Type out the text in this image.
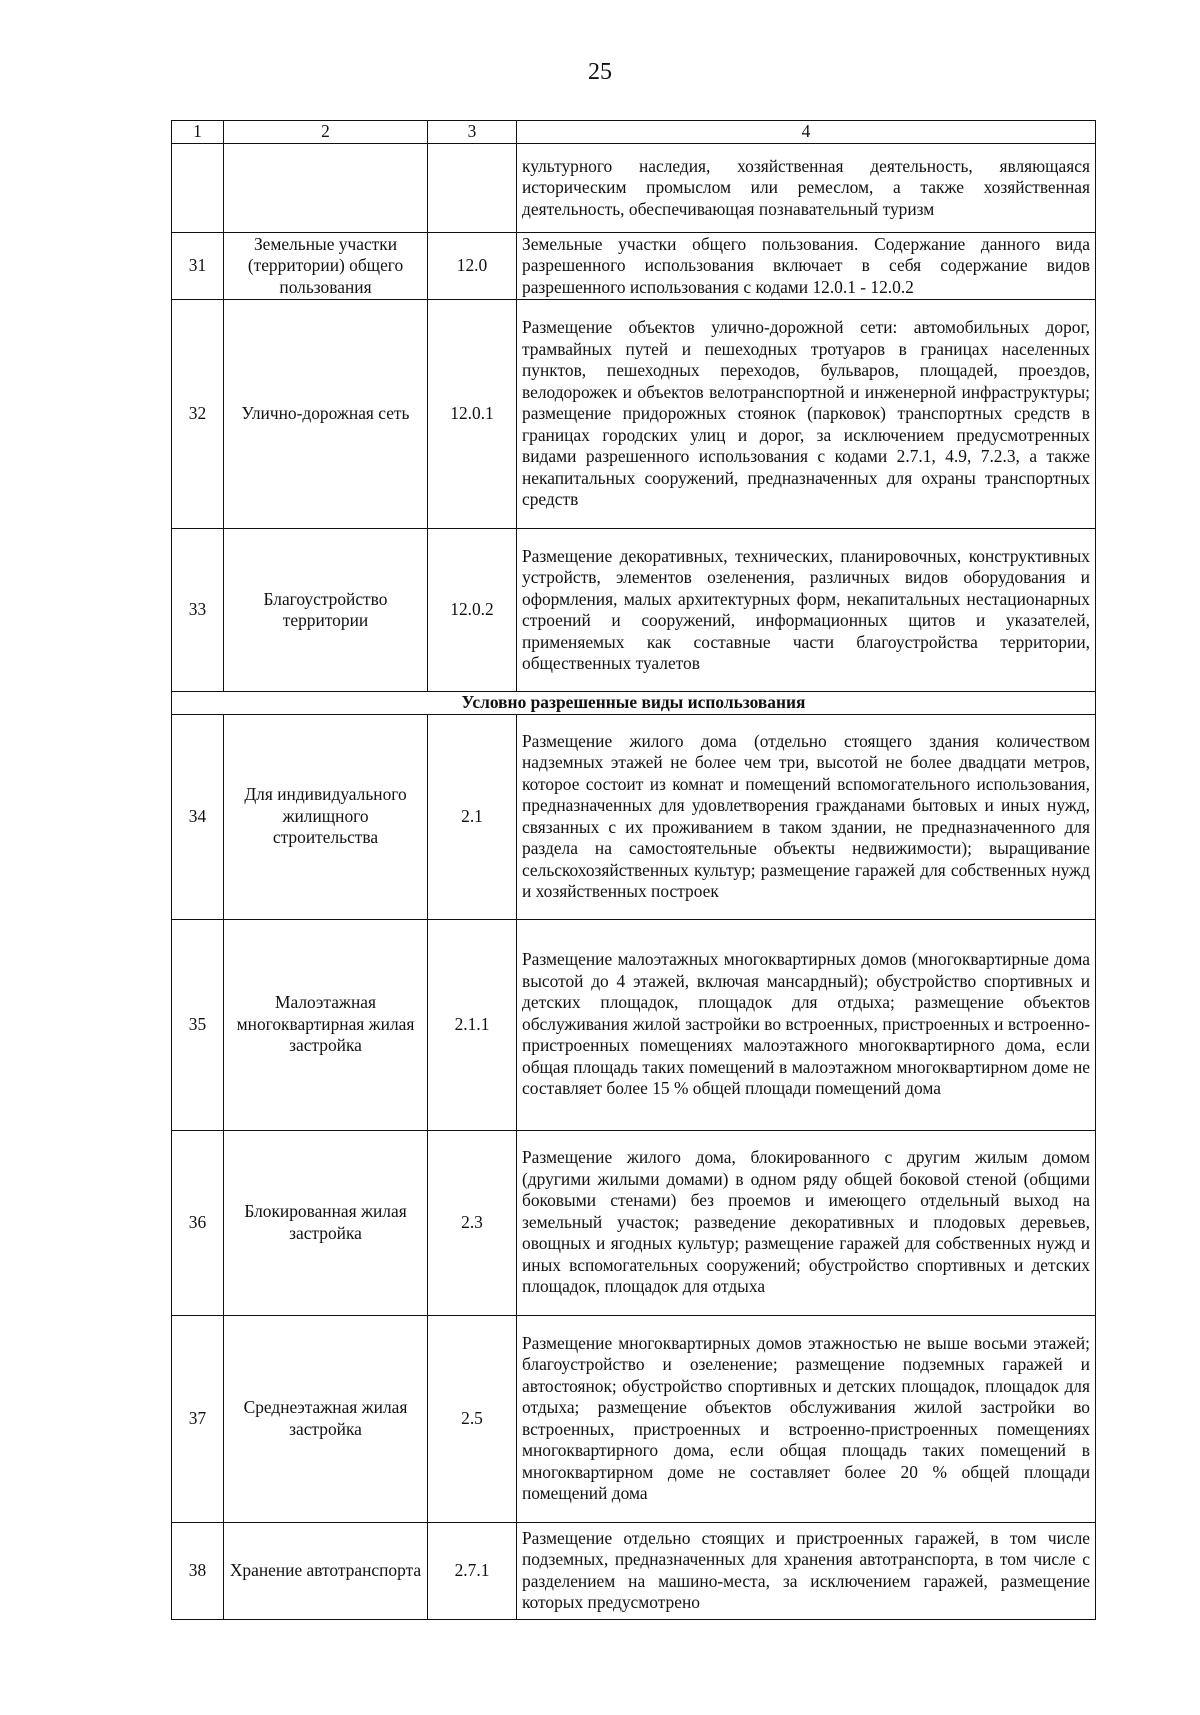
25
1	2	3	4
			культурного наследия, хозяйственная деятельность, являющаяся историческим промыслом или ремеслом, а также хозяйственная деятельность, обеспечивающая познавательный туризм
31	Земельные участки (территории) общего пользования	12.0	Земельные участки общего пользования. Содержание данного вида разрешенного использования включает в себя содержание видов разрешенного использования с кодами 12.0.1 - 12.0.2
32	Улично-дорожная сеть	12.0.1	Размещение объектов улично-дорожной сети: автомобильных дорог, трамвайных путей и пешеходных тротуаров в границах населенных пунктов, пешеходных переходов, бульваров, площадей, проездов, велодорожек и объектов велотранспортной и инженерной инфраструктуры; размещение придорожных стоянок (парковок) транспортных средств в границах городских улиц и дорог, за исключением предусмотренных видами разрешенного использования с кодами 2.7.1, 4.9, 7.2.3, а также некапитальных сооружений, предназначенных для охраны транспортных средств
33	Благоустройство территории	12.0.2	Размещение декоративных, технических, планировочных, конструктивных устройств, элементов озеленения, различных видов оборудования и оформления, малых архитектурных форм, некапитальных нестационарных строений и сооружений, информационных щитов и указателей, применяемых как составные части благоустройства территории, общественных туалетов
Условно разрешенные виды использования			
34	Для индивидуального жилищного строительства	2.1	Размещение жилого дома (отдельно стоящего здания количеством надземных этажей не более чем три, высотой не более двадцати метров, которое состоит из комнат и помещений вспомогательного использования, предназначенных для удовлетворения гражданами бытовых и иных нужд, связанных с их проживанием в таком здании, не предназначенного для раздела на самостоятельные объекты недвижимости); выращивание сельскохозяйственных культур; размещение гаражей для собственных нужд и хозяйственных построек
35	Малоэтажная многоквартирная жилая застройка	2.1.1	Размещение малоэтажных многоквартирных домов (многоквартирные дома высотой до 4 этажей, включая мансардный); обустройство спортивных и детских площадок, площадок для отдыха; размещение объектов обслуживания жилой застройки во встроенных, пристроенных и встроенно-пристроенных помещениях малоэтажного многоквартирного дома, если общая площадь таких помещений в малоэтажном многоквартирном доме не составляет более 15 % общей площади помещений дома
36	Блокированная жилая застройка	2.3	Размещение жилого дома, блокированного с другим жилым домом (другими жилыми домами) в одном ряду общей боковой стеной (общими боковыми стенами) без проемов и имеющего отдельный выход на земельный участок; разведение декоративных и плодовых деревьев, овощных и ягодных культур; размещение гаражей для собственных нужд и иных вспомогательных сооружений; обустройство спортивных и детских площадок, площадок для отдыха
37	Среднеэтажная жилая застройка	2.5	Размещение многоквартирных домов этажностью не выше восьми этажей; благоустройство и озеленение; размещение подземных гаражей и автостоянок; обустройство спортивных и детских площадок, площадок для отдыха; размещение объектов обслуживания жилой застройки во встроенных, пристроенных и встроенно-пристроенных помещениях многоквартирного дома, если общая площадь таких помещений в многоквартирном доме не составляет более 20 % общей площади помещений дома
38	Хранение автотранспорта	2.7.1	Размещение отдельно стоящих и пристроенных гаражей, в том числе подземных, предназначенных для хранения автотранспорта, в том числе с разделением на машино-места, за исключением гаражей, размещение которых предусмотрено
